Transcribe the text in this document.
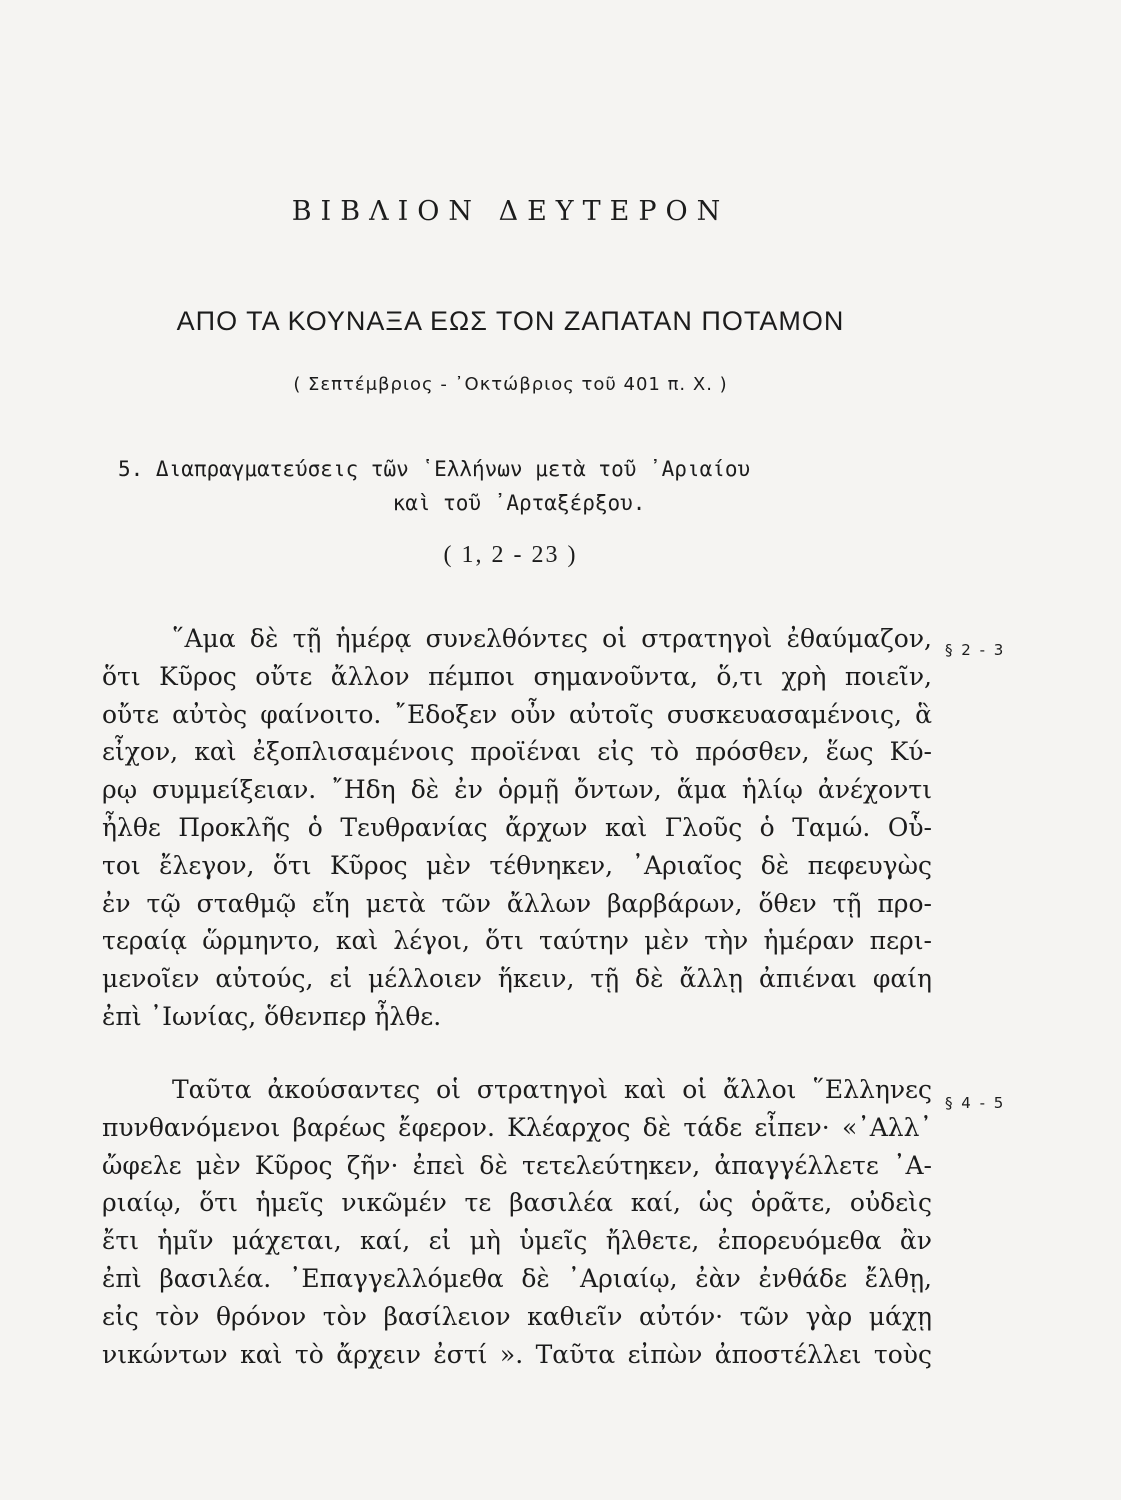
ΒΙΒΛΙΟΝ ΔΕΥΤΕΡΟΝ
ΑΠΟ ΤΑ ΚΟΥΝΑΞΑ ΕΩΣ ΤΟΝ ΖΑΠΑΤΑΝ ΠΟΤΑΜΟΝ
( Σεπτέμβριος - ᾿Οκτώβριος τοῦ 401 π. Χ. )
5. Διαπραγματεύσεις τῶν ῾Ελλήνων μετὰ τοῦ ᾿Αριαίου
καὶ τοῦ ᾿Αρταξέρξου.
( 1, 2 - 23 )
῞Αμα δὲ τῇ ἡμέρᾳ συνελθόντες οἱ στρατηγοὶ ἐθαύμαζον,
ὅτι Κῦρος οὔτε ἄλλον πέμποι σημανοῦντα, ὅ,τι χρὴ ποιεῖν,
οὔτε αὐτὸς φαίνοιτο. ῎Εδοξεν οὖν αὐτοῖς συσκευασαμένοις, ἃ
εἶχον, καὶ ἐξοπλισαμένοις προϊέναι εἰς τὸ πρόσθεν, ἕως Κύ-
ρῳ συμμείξειαν. ῎Ηδη δὲ ἐν ὁρμῇ ὄντων, ἅμα ἡλίῳ ἀνέχοντι
ἦλθε Προκλῆς ὁ Τευθρανίας ἄρχων καὶ Γλοῦς ὁ Ταμώ. Οὗ-
τοι ἔλεγον, ὅτι Κῦρος μὲν τέθνηκεν, ᾿Αριαῖος δὲ πεφευγὼς
ἐν τῷ σταθμῷ εἴη μετὰ τῶν ἄλλων βαρβάρων, ὅθεν τῇ προ-
τεραίᾳ ὥρμηντο, καὶ λέγοι, ὅτι ταύτην μὲν τὴν ἡμέραν περι-
μενοῖεν αὐτούς, εἰ μέλλοιεν ἥκειν, τῇ δὲ ἄλλῃ ἀπιέναι φαίη
ἐπὶ ᾿Ιωνίας, ὅθενπερ ἦλθε.
§ 2 - 3
Ταῦτα ἀκούσαντες οἱ στρατηγοὶ καὶ οἱ ἄλλοι ῞Ελληνες
πυνθανόμενοι βαρέως ἔφερον. Κλέαρχος δὲ τάδε εἶπεν· «᾿Αλλ᾿
ὤφελε μὲν Κῦρος ζῆν· ἐπεὶ δὲ τετελεύτηκεν, ἀπαγγέλλετε ᾿Α-
ριαίῳ, ὅτι ἡμεῖς νικῶμέν τε βασιλέα καί, ὡς ὁρᾶτε, οὐδεὶς
ἔτι ἡμῖν μάχεται, καί, εἰ μὴ ὑμεῖς ἤλθετε, ἐπορευόμεθα ἂν
ἐπὶ βασιλέα. ᾿Επαγγελλόμεθα δὲ ᾿Αριαίῳ, ἐὰν ἐνθάδε ἔλθῃ,
εἰς τὸν θρόνον τὸν βασίλειον καθιεῖν αὐτόν· τῶν γὰρ μάχῃ
νικώντων καὶ τὸ ἄρχειν ἐστί ». Ταῦτα εἰπὼν ἀποστέλλει τοὺς
§ 4 - 5
